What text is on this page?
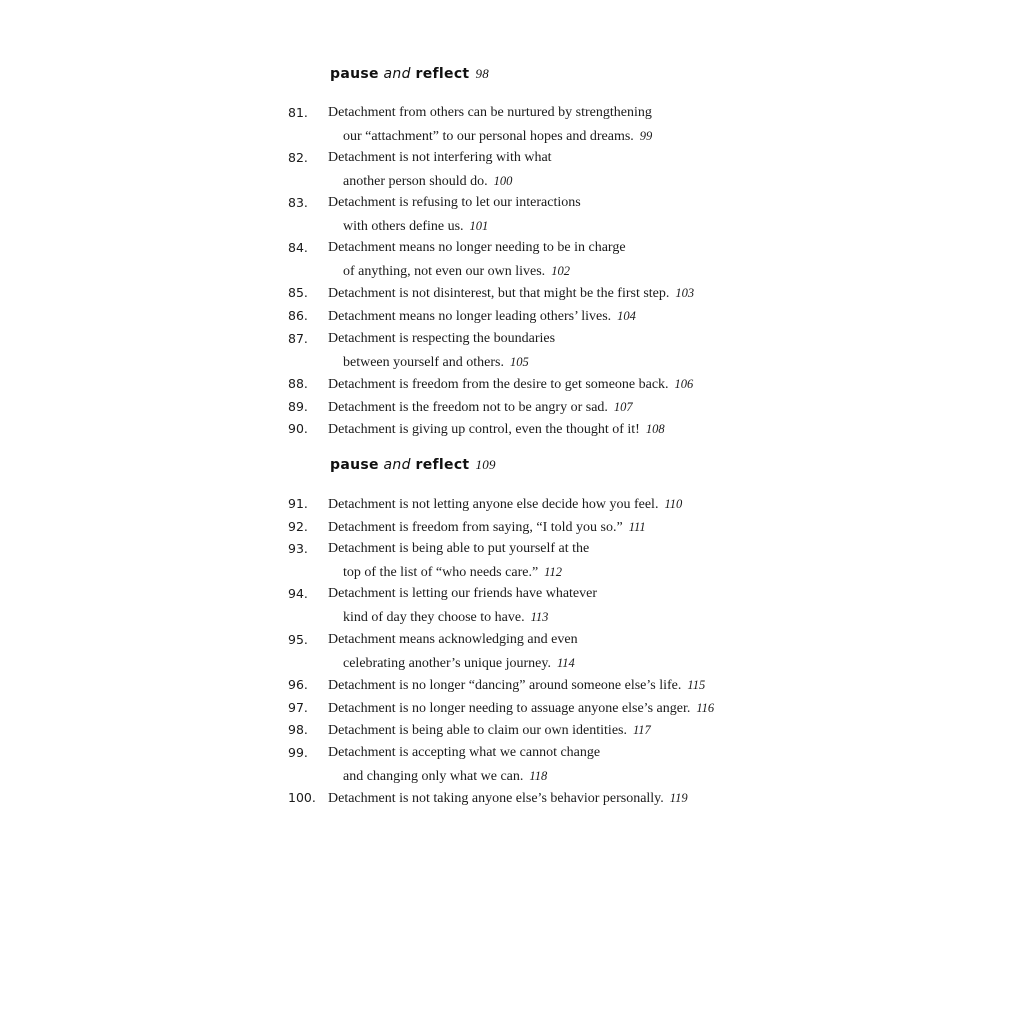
pause and reflect 98
81. Detachment from others can be nurtured by strengthening
our “attachment” to our personal hopes and dreams. 99
82. Detachment is not interfering with what
another person should do. 100
83. Detachment is refusing to let our interactions
with others define us. 101
84. Detachment means no longer needing to be in charge
of anything, not even our own lives. 102
85. Detachment is not disinterest, but that might be the first step. 103
86. Detachment means no longer leading others’ lives. 104
87. Detachment is respecting the boundaries
between yourself and others. 105
88. Detachment is freedom from the desire to get someone back. 106
89. Detachment is the freedom not to be angry or sad. 107
90. Detachment is giving up control, even the thought of it! 108
pause and reflect 109
91. Detachment is not letting anyone else decide how you feel. 110
92. Detachment is freedom from saying, “I told you so.” 111
93. Detachment is being able to put yourself at the
top of the list of “who needs care.” 112
94. Detachment is letting our friends have whatever
kind of day they choose to have. 113
95. Detachment means acknowledging and even
celebrating another’s unique journey. 114
96. Detachment is no longer “dancing” around someone else’s life. 115
97. Detachment is no longer needing to assuage anyone else’s anger. 116
98. Detachment is being able to claim our own identities. 117
99. Detachment is accepting what we cannot change
and changing only what we can. 118
100. Detachment is not taking anyone else’s behavior personally. 119
